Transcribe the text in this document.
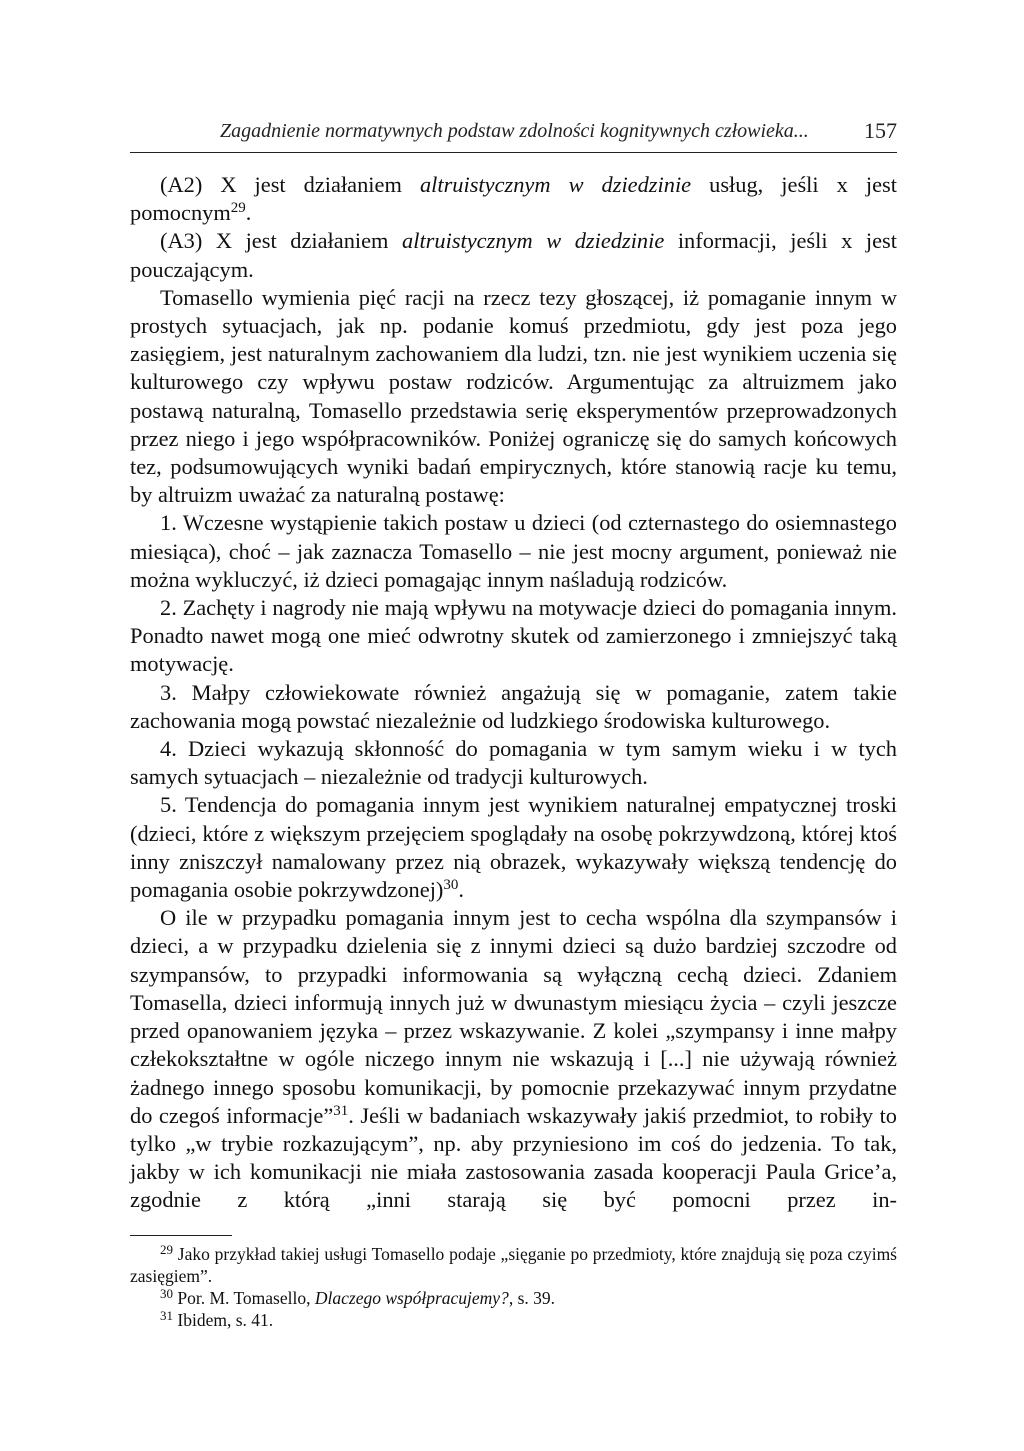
Zagadnienie normatywnych podstaw zdolności kognitywnych człowieka...	157

(A2) X jest działaniem altruistycznym w dziedzinie usług, jeśli x jest pomocnym$^{29}$.

(A3) X jest działaniem altruistycznym w dziedzinie informacji, jeśli x jest pouczającym.

Tomasello wymienia pięć racji na rzecz tezy głoszącej, iż pomaganie innym w prostych sytuacjach, jak np. podanie komuś przedmiotu, gdy jest poza jego zasięgiem, jest naturalnym zachowaniem dla ludzi, tzn. nie jest wynikiem uczenia się kulturowego czy wpływu postaw rodziców. Argumentując za altruizmem jako postawą naturalną, Tomasello przedstawia serię eksperymentów przeprowadzonych przez niego i jego współpracowników. Poniżej ograniczę się do samych końcowych tez, podsumowujących wyniki badań empirycznych, które stanowią racje ku temu, by altruizm uważać za naturalną postawę:

1. Wczesne wystąpienie takich postaw u dzieci (od czternastego do osiemnastego miesiąca), choć – jak zaznacza Tomasello – nie jest mocny argument, ponieważ nie można wykluczyć, iż dzieci pomagając innym naśladują rodziców.

2. Zachęty i nagrody nie mają wpływu na motywacje dzieci do pomagania innym. Ponadto nawet mogą one mieć odwrotny skutek od zamierzonego i zmniejszyć taką motywację.

3. Małpy człowiekowate również angażują się w pomaganie, zatem takie zachowania mogą powstać niezależnie od ludzkiego środowiska kulturowego.

4. Dzieci wykazują skłonność do pomagania w tym samym wieku i w tych samych sytuacjach – niezależnie od tradycji kulturowych.

5. Tendencja do pomagania innym jest wynikiem naturalnej empatycznej troski (dzieci, które z większym przejęciem spoglądały na osobę pokrzywdzoną, której ktoś inny zniszczył namalowany przez nią obrazek, wykazywały większą tendencję do pomagania osobie pokrzywdzonej)$^{30}$.

O ile w przypadku pomagania innym jest to cecha wspólna dla szympansów i dzieci, a w przypadku dzielenia się z innymi dzieci są dużo bardziej szczodre od szympansów, to przypadki informowania są wyłączną cechą dzieci. Zdaniem Tomasella, dzieci informują innych już w dwunastym miesiącu życia – czyli jeszcze przed opanowaniem języka – przez wskazywanie. Z kolei „szympansy i inne małpy człekokształtne w ogóle niczego innym nie wskazują i [...] nie używają również żadnego innego sposobu komunikacji, by pomocnie przekazywać innym przydatne do czegoś informacje”$^{31}$. Jeśli w badaniach wskazywały jakiś przedmiot, to robiły to tylko „w trybie rozkazującym”, np. aby przyniesiono im coś do jedzenia. To tak, jakby w ich komunikacji nie miała zastosowania zasada kooperacji Paula Grice’a, zgodnie z którą „inni starają się być pomocni przez in-

$^{29}$ Jako przykład takiej usługi Tomasello podaje „sięganie po przedmioty, które znajdują się poza czyimś zasięgiem”.

$^{30}$ Por. M. Tomasello, Dlaczego współpracujemy?, s. 39.

$^{31}$ Ibidem, s. 41.
